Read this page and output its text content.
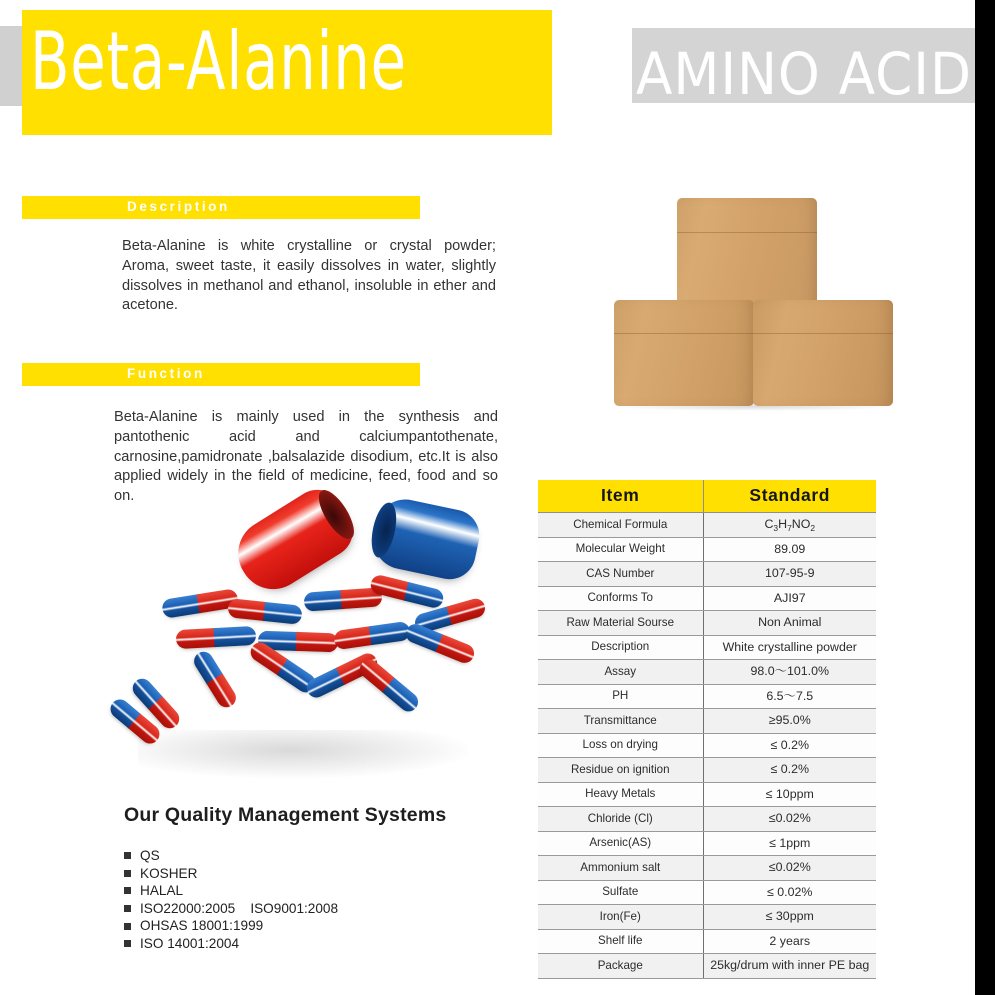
Beta-Alanine	AMINO ACID
Description
Beta-Alanine is white crystalline or crystal powder; Aroma, sweet taste, it easily dissolves in water, slightly dissolves in methanol and ethanol, insoluble in ether and acetone.
Function
Beta-Alanine is mainly used in the synthesis and pantothenic acid and calciumpantothenate, carnosine,pamidronate ,balsalazide disodium, etc.It is also applied widely in the field of medicine, feed, food and so on.
Our Quality Management Systems
QS
KOSHER
HALAL
ISO22000:2005    ISO9001:2008
OHSAS 18001:1999
ISO 14001:2004
Item	Standard
Chemical Formula	$C_3H_7NO_2$
Molecular Weight	89.09
CAS Number	107-95-9
Conforms To	AJI97
Raw Material Sourse	Non Animal
Description	White crystalline powder
Assay	98.0～101.0%
PH	6.5～7.5
Transmittance	≥95.0%
Loss on drying	≤ 0.2%
Residue on ignition	≤ 0.2%
Heavy Metals	≤ 10ppm
Chloride (Cl)	≤0.02%
Arsenic(AS)	≤ 1ppm
Ammonium salt	≤0.02%
Sulfate	≤ 0.02%
Iron(Fe)	≤ 30ppm
Shelf life	2 years
Package	25kg/drum with inner PE bag
